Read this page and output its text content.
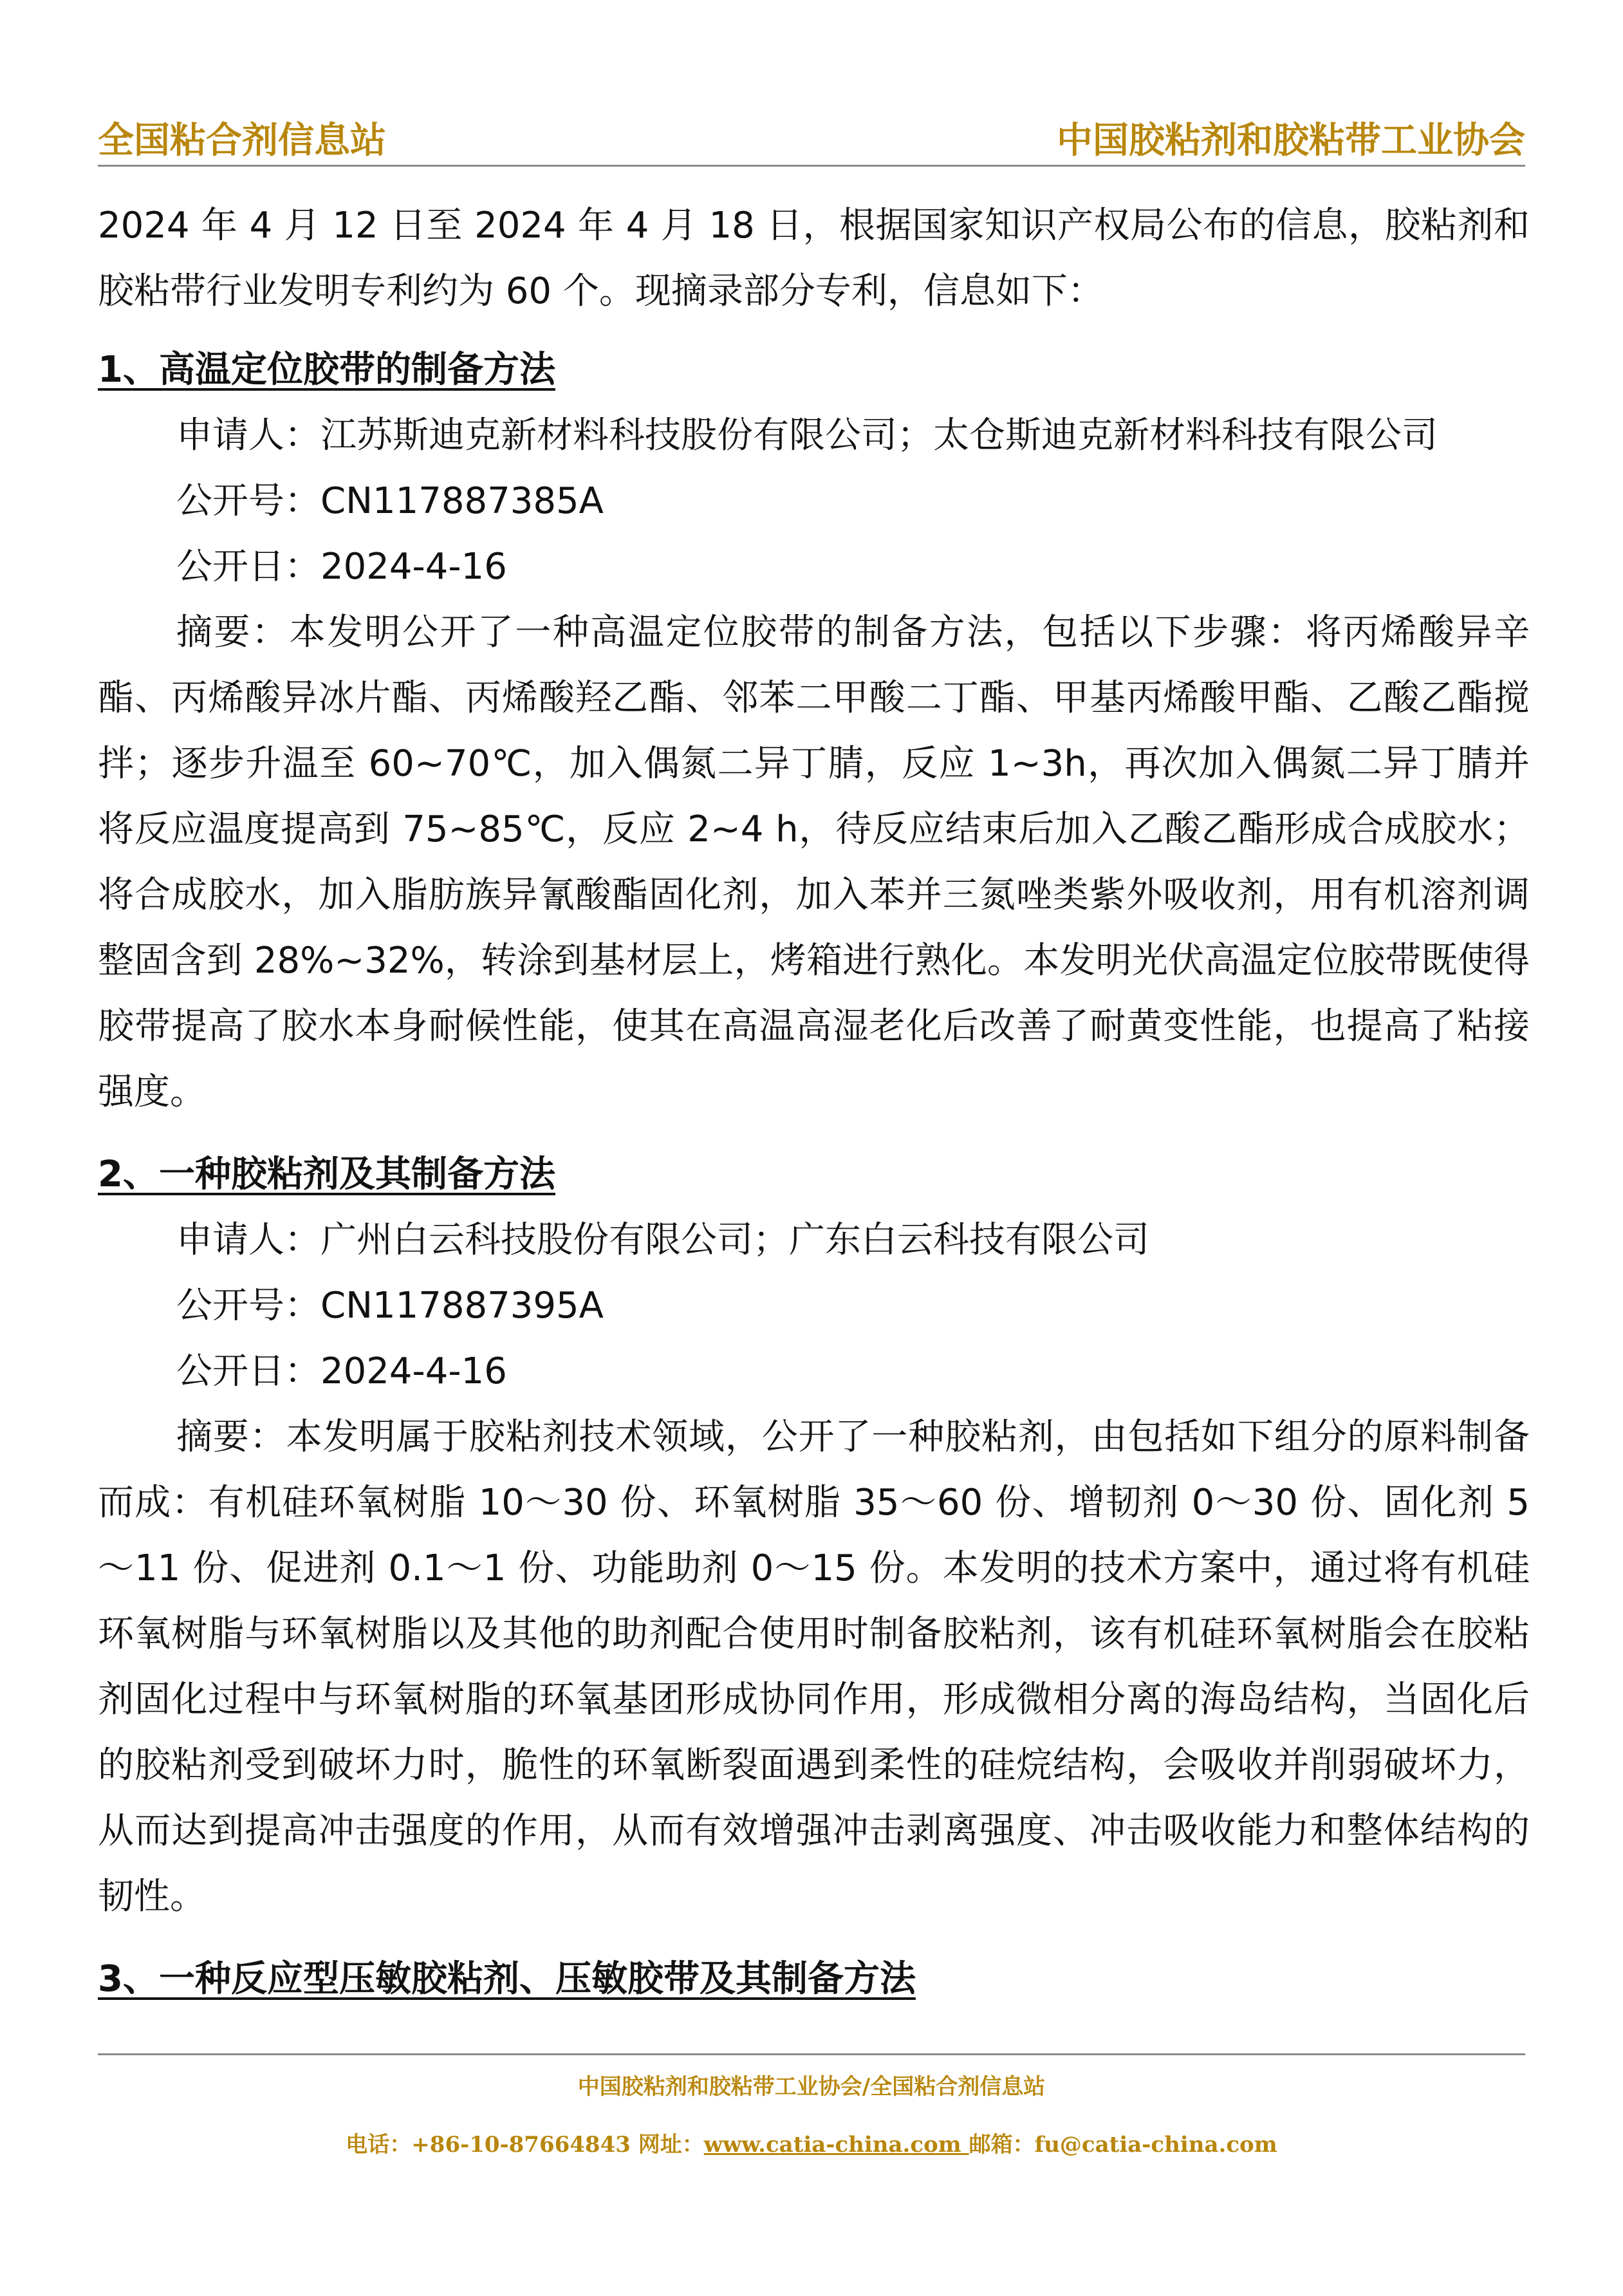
全国粘合剂信息站	中国胶粘剂和胶粘带工业协会

2024 年 4 月 12 日至 2024 年 4 月 18 日，根据国家知识产权局公布的信息，胶粘剂和胶粘带行业发明专利约为 60 个。现摘录部分专利，信息如下：

1、高温定位胶带的制备方法

申请人：江苏斯迪克新材料科技股份有限公司；太仓斯迪克新材料科技有限公司

公开号：CN117887385A

公开日：2024-4-16

摘要：本发明公开了一种高温定位胶带的制备方法，包括以下步骤：将丙烯酸异辛酯、丙烯酸异冰片酯、丙烯酸羟乙酯、邻苯二甲酸二丁酯、甲基丙烯酸甲酯、乙酸乙酯搅拌；逐步升温至 60~70℃，加入偶氮二异丁腈，反应 1~3h，再次加入偶氮二异丁腈并将反应温度提高到 75~85℃，反应 2~4 h，待反应结束后加入乙酸乙酯形成合成胶水；将合成胶水，加入脂肪族异氰酸酯固化剂，加入苯并三氮唑类紫外吸收剂，用有机溶剂调整固含到 28%~32%，转涂到基材层上，烤箱进行熟化。本发明光伏高温定位胶带既使得胶带提高了胶水本身耐候性能，使其在高温高湿老化后改善了耐黄变性能，也提高了粘接强度。

2、一种胶粘剂及其制备方法

申请人：广州白云科技股份有限公司；广东白云科技有限公司

公开号：CN117887395A

公开日：2024-4-16

摘要：本发明属于胶粘剂技术领域，公开了一种胶粘剂，由包括如下组分的原料制备而成：有机硅环氧树脂 10～30 份、环氧树脂 35～60 份、增韧剂 0～30 份、固化剂 5～11 份、促进剂 0.1～1 份、功能助剂 0～15 份。本发明的技术方案中，通过将有机硅环氧树脂与环氧树脂以及其他的助剂配合使用时制备胶粘剂，该有机硅环氧树脂会在胶粘剂固化过程中与环氧树脂的环氧基团形成协同作用，形成微相分离的海岛结构，当固化后的胶粘剂受到破坏力时，脆性的环氧断裂面遇到柔性的硅烷结构，会吸收并削弱破坏力，从而达到提高冲击强度的作用，从而有效增强冲击剥离强度、冲击吸收能力和整体结构的韧性。

3、一种反应型压敏胶粘剂、压敏胶带及其制备方法

中国胶粘剂和胶粘带工业协会/全国粘合剂信息站
电话：+86-10-87664843 网址：www.catia-china.com 邮箱：fu@catia-china.com
